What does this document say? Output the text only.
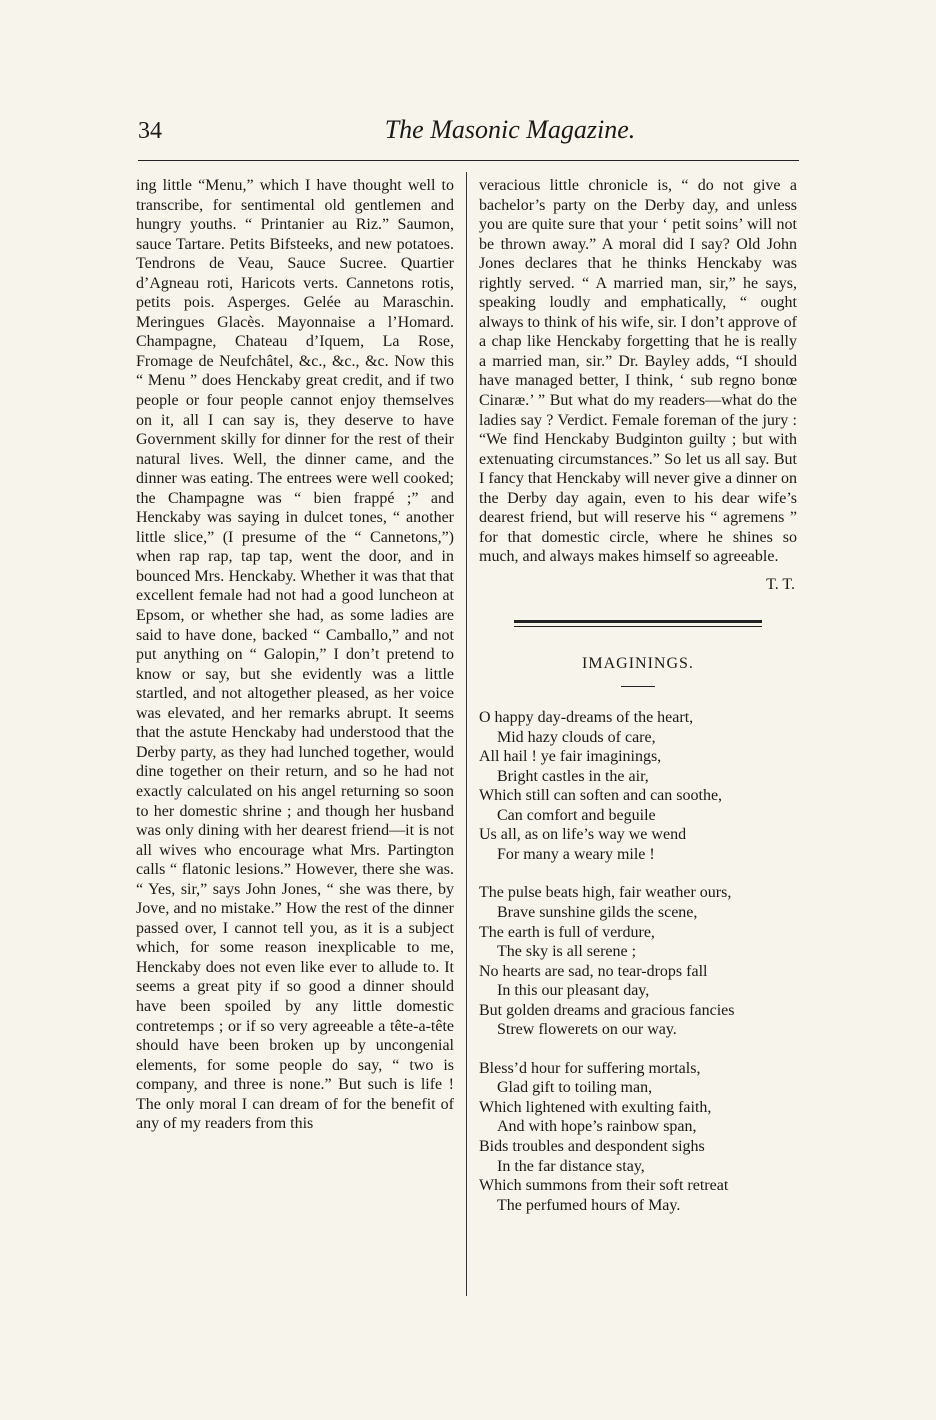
34	The Masonic Magazine.

ing little “Menu,” which I have thought well to transcribe, for sentimental old gentlemen and hungry youths. “ Printanier au Riz.” Saumon, sauce Tartare. Petits Bifsteeks, and new potatoes. Tendrons de Veau, Sauce Sucree. Quartier d’Agneau roti, Haricots verts. Cannetons rotis, petits pois. Asperges. Gelée au Maraschin. Meringues Glacès. Mayonnaise a l’Homard. Champagne, Chateau d’Iquem, La Rose, Fromage de Neufchâtel, &c., &c., &c. Now this “ Menu ” does Henckaby great credit, and if two people or four people cannot enjoy themselves on it, all I can say is, they deserve to have Government skilly for dinner for the rest of their natural lives. Well, the dinner came, and the dinner was eating. The entrees were well cooked; the Champagne was “ bien frappé ;” and Henckaby was saying in dulcet tones, “ another little slice,” (I presume of the “ Cannetons,”) when rap rap, tap tap, went the door, and in bounced Mrs. Henckaby. Whether it was that that excellent female had not had a good luncheon at Epsom, or whether she had, as some ladies are said to have done, backed “ Camballo,” and not put anything on “ Galopin,” I don’t pretend to know or say, but she evidently was a little startled, and not altogether pleased, as her voice was elevated, and her remarks abrupt. It seems that the astute Henckaby had understood that the Derby party, as they had lunched together, would dine together on their return, and so he had not exactly calculated on his angel returning so soon to her domestic shrine ; and though her husband was only dining with her dearest friend—it is not all wives who encourage what Mrs. Partington calls “ flatonic lesions.” However, there she was. “ Yes, sir,” says John Jones, “ she was there, by Jove, and no mistake.” How the rest of the dinner passed over, I cannot tell you, as it is a subject which, for some reason inexplicable to me, Henckaby does not even like ever to allude to. It seems a great pity if so good a dinner should have been spoiled by any little domestic contretemps ; or if so very agreeable a tête-a-tête should have been broken up by uncongenial elements, for some people do say, “ two is company, and three is none.” But such is life ! The only moral I can dream of for the benefit of any of my readers from this

veracious little chronicle is, “ do not give a bachelor’s party on the Derby day, and unless you are quite sure that your ‘ petit soins’ will not be thrown away.” A moral did I say? Old John Jones declares that he thinks Henckaby was rightly served. “ A married man, sir,” he says, speaking loudly and emphatically, “ ought always to think of his wife, sir. I don’t approve of a chap like Henckaby forgetting that he is really a married man, sir.” Dr. Bayley adds, “I should have managed better, I think, ‘ sub regno bonœ Cinaræ.’ ” But what do my readers—what do the ladies say ? Verdict. Female foreman of the jury : “We find Henckaby Budginton guilty ; but with extenuating circumstances.” So let us all say. But I fancy that Henckaby will never give a dinner on the Derby day again, even to his dear wife’s dearest friend, but will reserve his “ agremens ” for that domestic circle, where he shines so much, and always makes himself so agreeable.

T. T.
IMAGININGS.
O happy day-dreams of the heart,
Mid hazy clouds of care,
All hail ! ye fair imaginings,
Bright castles in the air,
Which still can soften and can soothe,
Can comfort and beguile
Us all, as on life’s way we wend
For many a weary mile !
The pulse beats high, fair weather ours,
Brave sunshine gilds the scene,
The earth is full of verdure,
The sky is all serene ;
No hearts are sad, no tear-drops fall
In this our pleasant day,
But golden dreams and gracious fancies
Strew flowerets on our way.
Bless’d hour for suffering mortals,
Glad gift to toiling man,
Which lightened with exulting faith,
And with hope’s rainbow span,
Bids troubles and despondent sighs
In the far distance stay,
Which summons from their soft retreat
The perfumed hours of May.
